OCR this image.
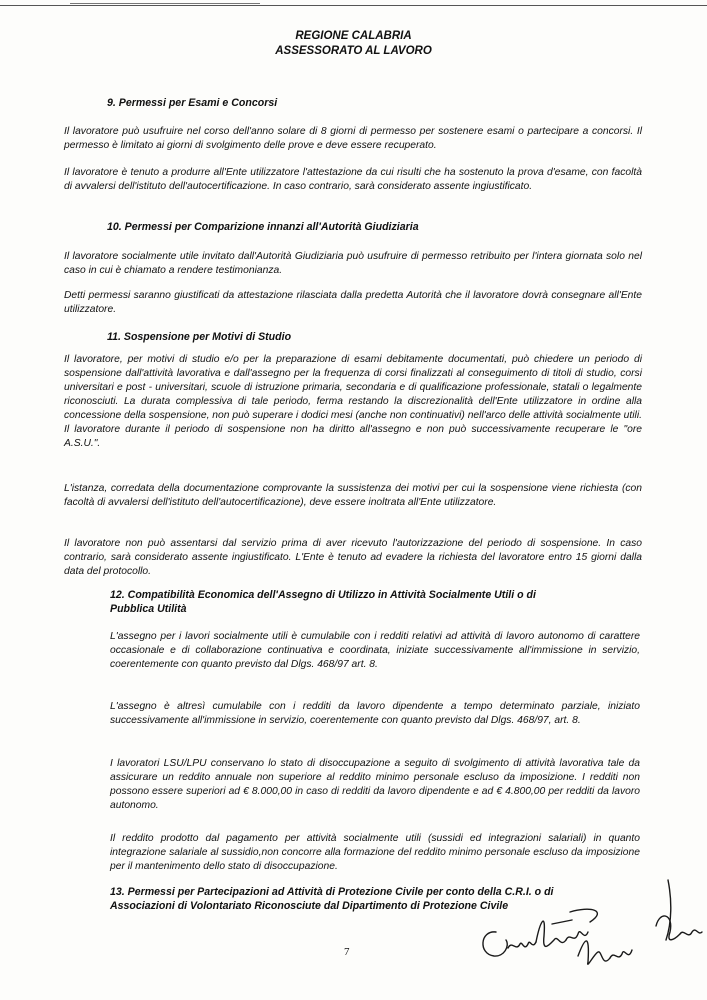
REGIONE CALABRIA
ASSESSORATO AL LAVORO

9. Permessi per Esami e Concorsi

Il lavoratore può usufruire nel corso dell'anno solare di 8 giorni di permesso per sostenere esami o partecipare a concorsi. Il permesso è limitato ai giorni di svolgimento delle prove e deve essere recuperato.

Il lavoratore è tenuto a produrre all'Ente utilizzatore l'attestazione da cui risulti che ha sostenuto la prova d'esame, con facoltà di avvalersi dell'istituto dell'autocertificazione. In caso contrario, sarà considerato assente ingiustificato.

10. Permessi per Comparizione innanzi all'Autorità Giudiziaria

Il lavoratore socialmente utile invitato dall'Autorità Giudiziaria può usufruire di permesso retribuito per l'intera giornata solo nel caso in cui è chiamato a rendere testimonianza.

Detti permessi saranno giustificati da attestazione rilasciata dalla predetta Autorità che il lavoratore dovrà consegnare all'Ente utilizzatore.

11. Sospensione per Motivi di Studio

Il lavoratore, per motivi di studio e/o per la preparazione di esami debitamente documentati, può chiedere un periodo di sospensione dall'attività lavorativa e dall'assegno per la frequenza di corsi finalizzati al conseguimento di titoli di studio, corsi universitari e post - universitari, scuole di istruzione primaria, secondaria e di qualificazione professionale, statali o legalmente riconosciuti. La durata complessiva di tale periodo, ferma restando la discrezionalità dell'Ente utilizzatore in ordine alla concessione della sospensione, non può superare i dodici mesi (anche non continuativi) nell'arco delle attività socialmente utili. Il lavoratore durante il periodo di sospensione non ha diritto all'assegno e non può successivamente recuperare le "ore A.S.U.".

L'istanza, corredata della documentazione comprovante la sussistenza dei motivi per cui la sospensione viene richiesta (con facoltà di avvalersi dell'istituto dell'autocertificazione), deve essere inoltrata all'Ente utilizzatore.

Il lavoratore non può assentarsi dal servizio prima di aver ricevuto l'autorizzazione del periodo di sospensione. In caso contrario, sarà considerato assente ingiustificato. L'Ente è tenuto ad evadere la richiesta del lavoratore entro 15 giorni dalla data del protocollo.

12. Compatibilità Economica dell'Assegno di Utilizzo in Attività Socialmente Utili o di
Pubblica Utilità

L'assegno per i lavori socialmente utili è cumulabile con i redditi relativi ad attività di lavoro autonomo di carattere occasionale e di collaborazione continuativa e coordinata, iniziate successivamente all'immissione in servizio, coerentemente con quanto previsto dal Dlgs. 468/97 art. 8.

L'assegno è altresì cumulabile con i redditi da lavoro dipendente a tempo determinato parziale, iniziato successivamente all'immissione in servizio, coerentemente con quanto previsto dal Dlgs. 468/97, art. 8.

I lavoratori LSU/LPU conservano lo stato di disoccupazione a seguito di svolgimento di attività lavorativa tale da assicurare un reddito annuale non superiore al reddito minimo personale escluso da imposizione. I redditi non possono essere superiori ad € 8.000,00 in caso di redditi da lavoro dipendente e ad € 4.800,00 per redditi da lavoro autonomo.

Il reddito prodotto dal pagamento per attività socialmente utili (sussidi ed integrazioni salariali) in quanto integrazione salariale al sussidio,non concorre alla formazione del reddito minimo personale escluso da imposizione per il mantenimento dello stato di disoccupazione.

13. Permessi per Partecipazioni ad Attività di Protezione Civile per conto della C.R.I. o di
Associazioni di Volontariato Riconosciute dal Dipartimento di Protezione Civile

7
